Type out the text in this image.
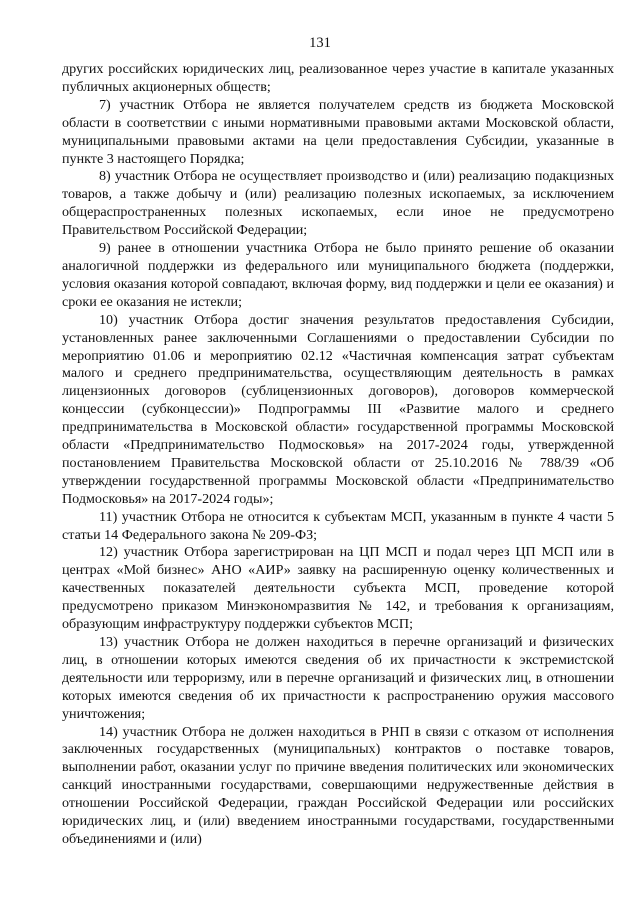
131

других российских юридических лиц, реализованное через участие в капитале указанных публичных акционерных обществ;

7) участник Отбора не является получателем средств из бюджета Московской области в соответствии с иными нормативными правовыми актами Московской области, муниципальными правовыми актами на цели предоставления Субсидии, указанные в пункте 3 настоящего Порядка;

8) участник Отбора не осуществляет производство и (или) реализацию подакцизных товаров, а также добычу и (или) реализацию полезных ископаемых, за исключением общераспространенных полезных ископаемых, если иное не предусмотрено Правительством Российской Федерации;

9) ранее в отношении участника Отбора не было принято решение об оказании аналогичной поддержки из федерального или муниципального бюджета (поддержки, условия оказания которой совпадают, включая форму, вид поддержки и цели ее оказания) и сроки ее оказания не истекли;

10) участник Отбора достиг значения результатов предоставления Субсидии, установленных ранее заключенными Соглашениями о предоставлении Субсидии по мероприятию 01.06 и мероприятию 02.12 «Частичная компенсация затрат субъектам малого и среднего предпринимательства, осуществляющим деятельность в рамках лицензионных договоров (сублицензионных договоров), договоров коммерческой концессии (субконцессии)» Подпрограммы III «Развитие малого и среднего предпринимательства в Московской области» государственной программы Московской области «Предпринимательство Подмосковья» на 2017-2024 годы, утвержденной постановлением Правительства Московской области от 25.10.2016 № 788/39 «Об утверждении государственной программы Московской области «Предпринимательство Подмосковья» на 2017-2024 годы»;

11) участник Отбора не относится к субъектам МСП, указанным в пункте 4 части 5 статьи 14 Федерального закона № 209-ФЗ;

12) участник Отбора зарегистрирован на ЦП МСП и подал через ЦП МСП или в центрах «Мой бизнес» АНО «АИР» заявку на расширенную оценку количественных и качественных показателей деятельности субъекта МСП, проведение которой предусмотрено приказом Минэкономразвития № 142, и требования к организациям, образующим инфраструктуру поддержки субъектов МСП;

13) участник Отбора не должен находиться в перечне организаций и физических лиц, в отношении которых имеются сведения об их причастности к экстремистской деятельности или терроризму, или в перечне организаций и физических лиц, в отношении которых имеются сведения об их причастности к распространению оружия массового уничтожения;

14) участник Отбора не должен находиться в РНП в связи с отказом от исполнения заключенных государственных (муниципальных) контрактов о поставке товаров, выполнении работ, оказании услуг по причине введения политических или экономических санкций иностранными государствами, совершающими недружественные действия в отношении Российской Федерации, граждан Российской Федерации или российских юридических лиц, и (или) введением иностранными государствами, государственными объединениями и (или)
